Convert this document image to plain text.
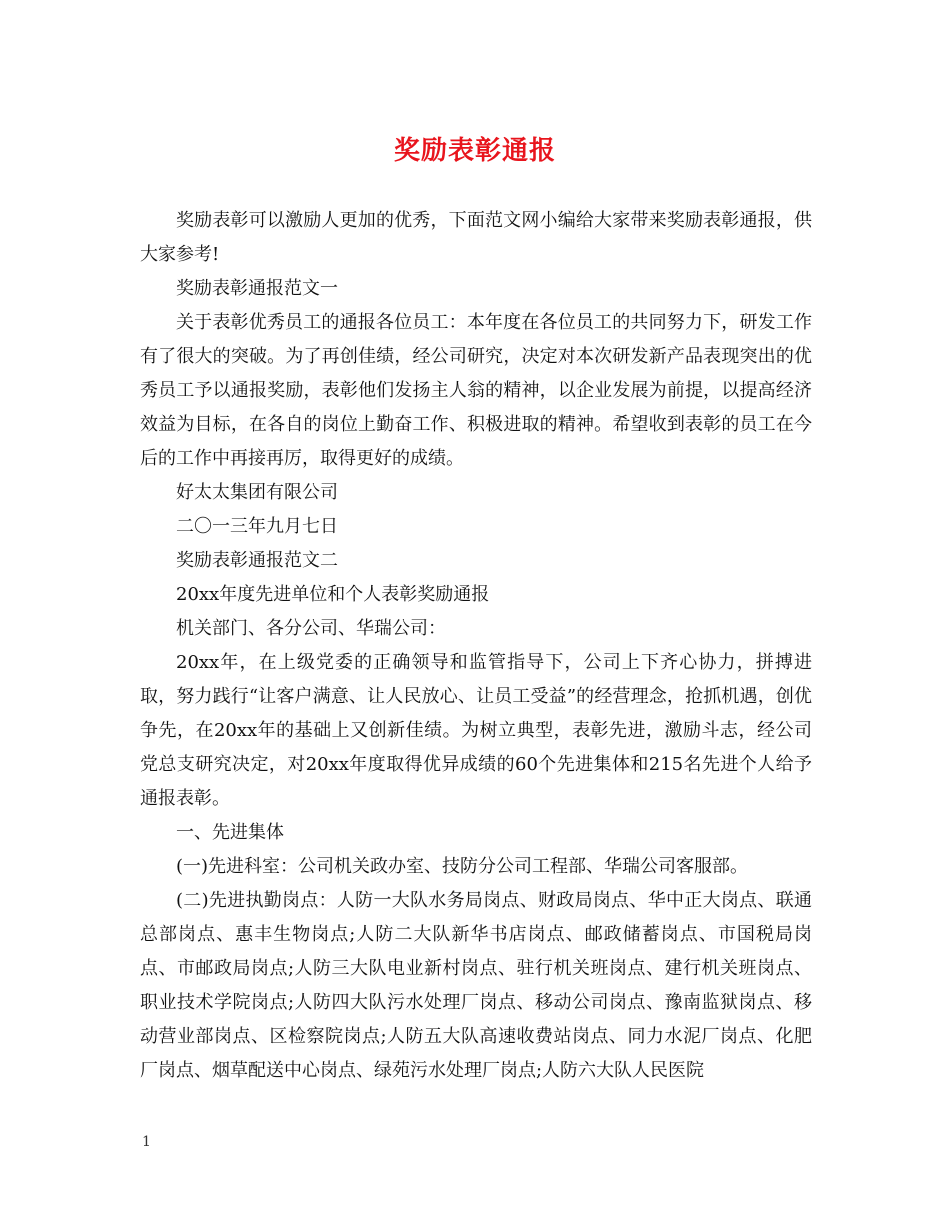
奖励表彰通报

奖励表彰可以激励人更加的优秀，下面范文网小编给大家带来奖励表彰通报，供大家参考!

奖励表彰通报范文一

关于表彰优秀员工的通报各位员工：本年度在各位员工的共同努力下，研发工作有了很大的突破。为了再创佳绩，经公司研究，决定对本次研发新产品表现突出的优秀员工予以通报奖励，表彰他们发扬主人翁的精神，以企业发展为前提，以提高经济效益为目标，在各自的岗位上勤奋工作、积极进取的精神。希望收到表彰的员工在今后的工作中再接再厉，取得更好的成绩。

好太太集团有限公司

二〇一三年九月七日

奖励表彰通报范文二

20xx年度先进单位和个人表彰奖励通报

机关部门、各分公司、华瑞公司：

20xx年，在上级党委的正确领导和监管指导下，公司上下齐心协力，拼搏进取，努力践行“让客户满意、让人民放心、让员工受益”的经营理念，抢抓机遇，创优争先，在20xx年的基础上又创新佳绩。为树立典型，表彰先进，激励斗志，经公司党总支研究决定，对20xx年度取得优异成绩的60个先进集体和215名先进个人给予通报表彰。

一、先进集体

(一)先进科室：公司机关政办室、技防分公司工程部、华瑞公司客服部。

(二)先进执勤岗点：人防一大队水务局岗点、财政局岗点、华中正大岗点、联通总部岗点、惠丰生物岗点;人防二大队新华书店岗点、邮政储蓄岗点、市国税局岗点、市邮政局岗点;人防三大队电业新村岗点、驻行机关班岗点、建行机关班岗点、职业技术学院岗点;人防四大队污水处理厂岗点、移动公司岗点、豫南监狱岗点、移动营业部岗点、区检察院岗点;人防五大队高速收费站岗点、同力水泥厂岗点、化肥厂岗点、烟草配送中心岗点、绿苑污水处理厂岗点;人防六大队人民医院

1
